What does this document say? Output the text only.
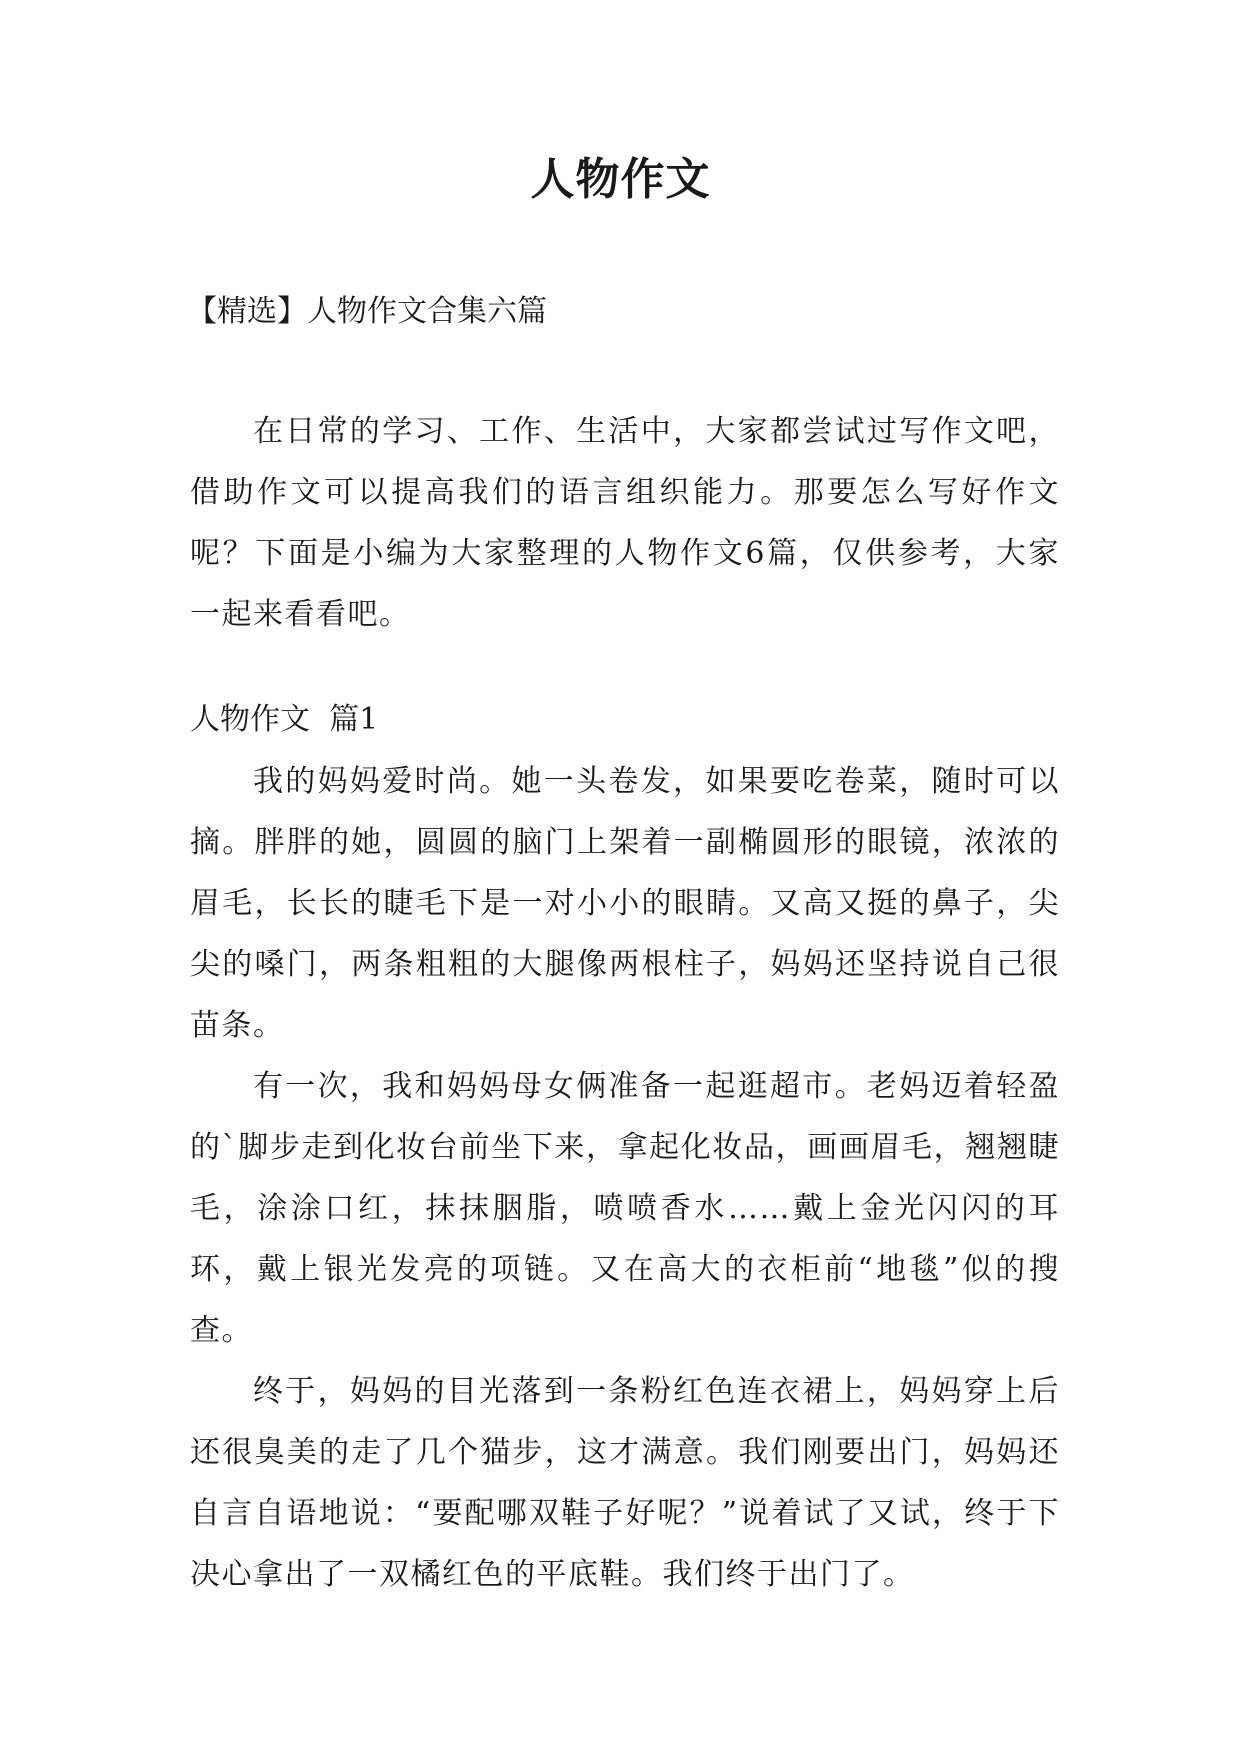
人物作文
【精选】人物作文合集六篇

在日常的学习、工作、生活中，大家都尝试过写作文吧，借助作文可以提高我们的语言组织能力。那要怎么写好作文呢？下面是小编为大家整理的人物作文6篇，仅供参考，大家一起来看看吧。

人物作文  篇1

我的妈妈爱时尚。她一头卷发，如果要吃卷菜，随时可以摘。胖胖的她，圆圆的脑门上架着一副椭圆形的眼镜，浓浓的眉毛，长长的睫毛下是一对小小的眼睛。又高又挺的鼻子，尖尖的嗓门，两条粗粗的大腿像两根柱子，妈妈还坚持说自己很苗条。

有一次，我和妈妈母女俩准备一起逛超市。老妈迈着轻盈的`脚步走到化妆台前坐下来，拿起化妆品，画画眉毛，翘翘睫毛，涂涂口红，抹抹胭脂，喷喷香水……戴上金光闪闪的耳环，戴上银光发亮的项链。又在高大的衣柜前“地毯”似的搜查。

终于，妈妈的目光落到一条粉红色连衣裙上，妈妈穿上后还很臭美的走了几个猫步，这才满意。我们刚要出门，妈妈还自言自语地说：“要配哪双鞋子好呢？”说着试了又试，终于下决心拿出了一双橘红色的平底鞋。我们终于出门了。
